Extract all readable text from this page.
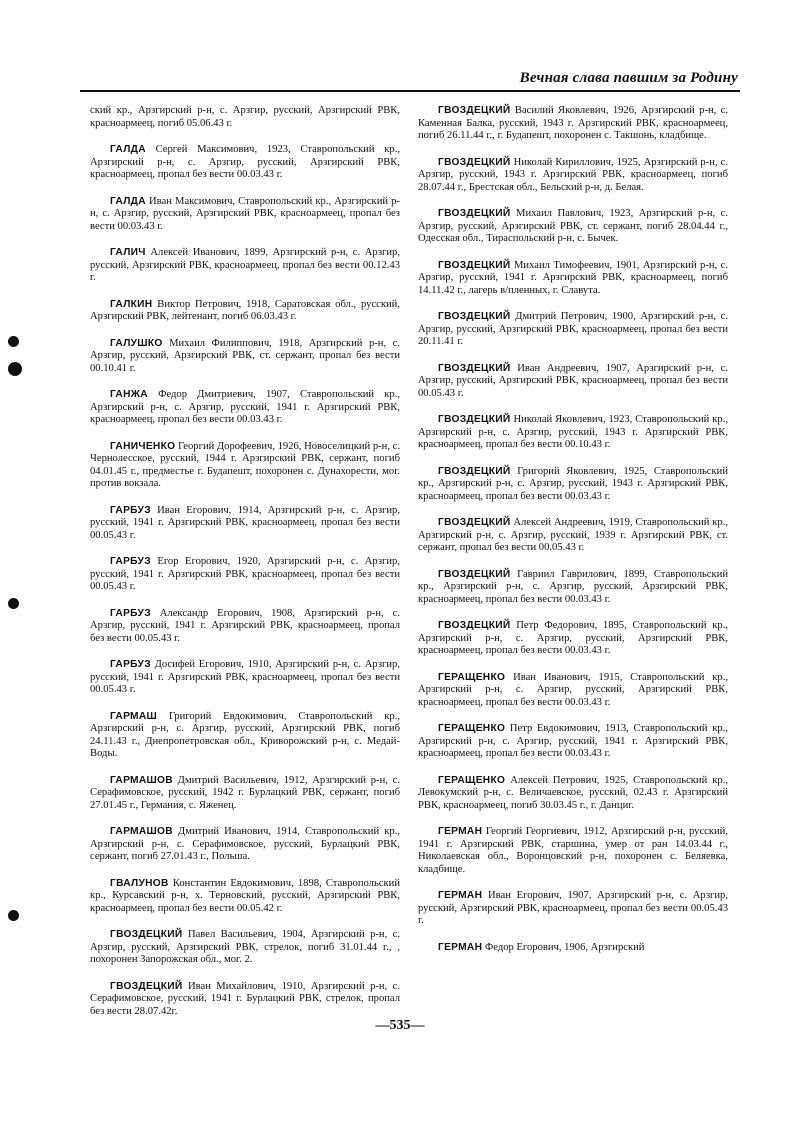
Вечная слава павшим за Родину

ский кр., Арзгирский р-н, с. Арзгир, русский, Арзгирский РВК, красноармеец, погиб 05.06.43 г.

ГАЛДА Сергей Максимович, 1923, Ставропольский кр., Арзгирский р-н, с. Арзгир, русский, Арзгирский РВК, красноармеец, пропал без вести 00.03.43 г.

ГАЛДА Иван Максимович, Ставропольский кр., Арзгирский р-н, с. Арзгир, русский, Арзгирский РВК, красноармеец, пропал без вести 00.03.43 г.

ГАЛИЧ Алексей Иванович, 1899, Арзгирский р-н, с. Арзгир, русский, Арзгирский РВК, красноармеец, пропал без вести 00.12.43 г.

ГАЛКИН Виктор Петрович, 1918, Саратовская обл., русский, Арзгирский РВК, лейтенант, погиб 06.03.43 г.

ГАЛУШКО Михаил Филиппович, 1918, Арзгирский р-н, с. Арзгир, русский, Арзгирский РВК, ст. сержант, пропал без вести 00.10.41 г.

ГАНЖА Федор Дмитриевич, 1907, Ставропольский кр., Арзгирский р-н, с. Арзгир, русский, 1941 г. Арзгирский РВК, красноармеец, пропал без вести 00.03.43 г.

ГАНИЧЕНКО Георгий Дорофеевич, 1926, Новоселицкий р-н, с. Чернолесское, русский, 1944 г. Арзгирский РВК, сержант, погиб 04.01.45 г., предместье г. Будапешт, похоронен с. Дунахорести, мог. против вокзала.

ГАРБУЗ Иван Егорович, 1914, Арзгирский р-н, с. Арзгир, русский, 1941 г. Арзгирский РВК, красноармеец, пропал без вести 00.05.43 г.

ГАРБУЗ Егор Егорович, 1920, Арзгирский р-н, с. Арзгир, русский, 1941 г. Арзгирский РВК, красноармеец, пропал без вести 00.05.43 г.

ГАРБУЗ Александр Егорович, 1908, Арзгирский р-н, с. Арзгир, русский, 1941 г. Арзгирский РВК, красноармеец, пропал без вести 00.05.43 г.

ГАРБУЗ Досифей Егорович, 1910, Арзгирский р-н, с. Арзгир, русский, 1941 г. Арзгирский РВК, красноармеец, пропал без вести 00.05.43 г.

ГАРМАШ Григорий Евдокимович, Ставропольский кр., Арзгирский р-н, с. Арзгир, русский, Арзгирский РВК, погиб 24.11.43 г., Днепропетровская обл., Криворожский р-н, с. Медай-Воды.

ГАРМАШОВ Дмитрий Васильевич, 1912, Арзгирский р-н, с. Серафимовское, русский, 1942 г. Бурлацкий РВК, сержант, погиб 27.01.45 г., Германия, с. Яженец.

ГАРМАШОВ Дмитрий Иванович, 1914, Ставропольский кр., Арзгирский р-н, с. Серафимовское, русский, Бурлацкий РВК, сержант, погиб 27.01.43 г., Польша.

ГВАЛУНОВ Константин Евдокимович, 1898, Ставропольский кр., Курсавский р-н, х. Терновский, русский, Арзгирский РВК, красноармеец, пропал без вести 00.05.42 г.

ГВОЗДЕЦКИЙ Павел Васильевич, 1904, Арзгирский р-н, с. Арзгир, русский, Арзгирский РВК, стрелок, погиб 31.01.44 г., , похоронен Запорожская обл., мог. 2.

ГВОЗДЕЦКИЙ Иван Михайлович, 1910, Арзгирский р-н, с. Серафимовское, русский, 1941 г. Бурлацкий РВК, стрелок, пропал без вести 28.07.42г.

ГВОЗДЕЦКИЙ Василий Яковлевич, 1926, Арзгирский р-н, с. Каменная Балка, русский, 1943 г. Арзгирский РВК, красноармеец, погиб 26.11.44 г., г. Будапешт, похоронен с. Такшонь, кладбище.

ГВОЗДЕЦКИЙ Николай Кириллович, 1925, Арзгирский р-н, с. Арзгир, русский, 1943 г. Арзгирский РВК, красноармеец, погиб 28.07.44 г., Брестская обл., Бельский р-н, д. Белая.

ГВОЗДЕЦКИЙ Михаил Павлович, 1923, Арзгирский р-н, с. Арзгир, русский, Арзгирский РВК, ст. сержант, погиб 28.04.44 г., Одесская обл., Тираспольский р-н, с. Бычек.

ГВОЗДЕЦКИЙ Михаил Тимофеевич, 1901, Арзгирский р-н, с. Арзгир, русский, 1941 г. Арзгирский РВК, красноармеец, погиб 14.11.42 г., лагерь в/пленных, г. Славута.

ГВОЗДЕЦКИЙ Дмитрий Петрович, 1900, Арзгирский р-н, с. Арзгир, русский, Арзгирский РВК, красноармеец, пропал без вести 20.11.41 г.

ГВОЗДЕЦКИЙ Иван Андреевич, 1907, Арзгирский р-н, с. Арзгир, русский, Арзгирский РВК, красноармеец, пропал без вести 00.05.43 г.

ГВОЗДЕЦКИЙ Николай Яковлевич, 1923, Ставропольский кр., Арзгирский р-н, с. Арзгир, русский, 1943 г. Арзгирский РВК, красноармеец, пропал без вести 00.10.43 г.

ГВОЗДЕЦКИЙ Григорий Яковлевич, 1925, Ставропольский кр., Арзгирский р-н, с. Арзгир, русский, 1943 г. Арзгирский РВК, красноармеец, пропал без вести 00.03.43 г.

ГВОЗДЕЦКИЙ Алексей Андреевич, 1919, Ставропольский кр., Арзгирский р-н, с. Арзгир, русский, 1939 г. Арзгирский РВК, ст. сержант, пропал без вести 00.05.43 г.

ГВОЗДЕЦКИЙ Гавриил Гаврилович, 1899, Ставропольский кр., Арзгирский р-н, с. Арзгир, русский, Арзгирский РВК, красноармеец, пропал без вести 00.03.43 г.

ГВОЗДЕЦКИЙ Петр Федорович, 1895, Ставропольский кр., Арзгирский р-н, с. Арзгир, русский, Арзгирский РВК, красноармеец, пропал без вести 00.03.43 г.

ГЕРАЩЕНКО Иван Иванович, 1915, Ставропольский кр., Арзгирский р-н, с. Арзгир, русский, Арзгирский РВК, красноармеец, пропал без вести 00.03.43 г.

ГЕРАЩЕНКО Петр Евдокимович, 1913, Ставропольский кр., Арзгирский р-н, с. Арзгир, русский, 1941 г. Арзгирский РВК, красноармеец, пропал без вести 00.03.43 г.

ГЕРАЩЕНКО Алексей Петрович, 1925, Ставропольский кр., Левокумский р-н, с. Величаевское, русский, 02.43 г. Арзгирский РВК, красноармеец, погиб 30.03.45 г., г. Данциг.

ГЕРМАН Георгий Георгиевич, 1912, Арзгирский р-н, русский, 1941 г. Арзгирский РВК, старшина, умер от ран 14.03.44 г., Николаевская обл., Воронцовский р-н, похоронен с. Беляевка, кладбище.

ГЕРМАН Иван Егорович, 1907, Арзгирский р-н, с. Арзгир, русский, Арзгирский РВК, красноармеец, пропал без вести 00.05.43 г.

ГЕРМАН Федор Егорович, 1906, Арзгирский

—535—
